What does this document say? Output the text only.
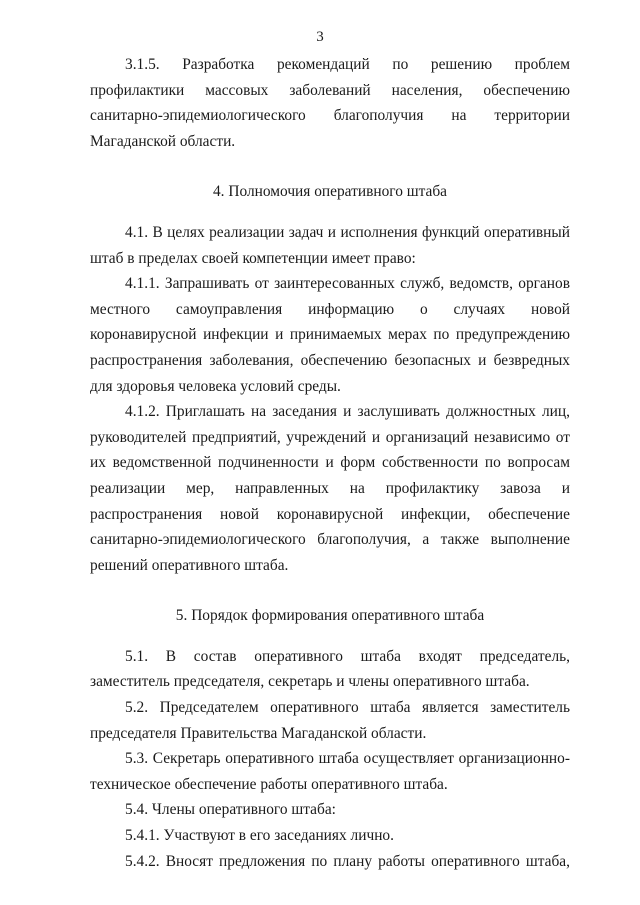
3

3.1.5. Разработка рекомендаций по решению проблем профилактики массовых заболеваний населения, обеспечению санитарно-эпидемиологического благополучия на территории Магаданской области.

4. Полномочия оперативного штаба

4.1. В целях реализации задач и исполнения функций оперативный штаб в пределах своей компетенции имеет право:

4.1.1. Запрашивать от заинтересованных служб, ведомств, органов местного самоуправления информацию о случаях новой коронавирусной инфекции и принимаемых мерах по предупреждению распространения заболевания, обеспечению безопасных и безвредных для здоровья человека условий среды.

4.1.2. Приглашать на заседания и заслушивать должностных лиц, руководителей предприятий, учреждений и организаций независимо от их ведомственной подчиненности и форм собственности по вопросам реализации мер, направленных на профилактику завоза и распространения новой коронавирусной инфекции, обеспечение санитарно-эпидемиологического благополучия, а также выполнение решений оперативного штаба.

5. Порядок формирования оперативного штаба

5.1. В состав оперативного штаба входят председатель, заместитель председателя, секретарь и члены оперативного штаба.

5.2. Председателем оперативного штаба является заместитель председателя Правительства Магаданской области.

5.3. Секретарь оперативного штаба осуществляет организационно-техническое обеспечение работы оперативного штаба.

5.4. Члены оперативного штаба:

5.4.1. Участвуют в его заседаниях лично.

5.4.2. Вносят предложения по плану работы оперативного штаба,
